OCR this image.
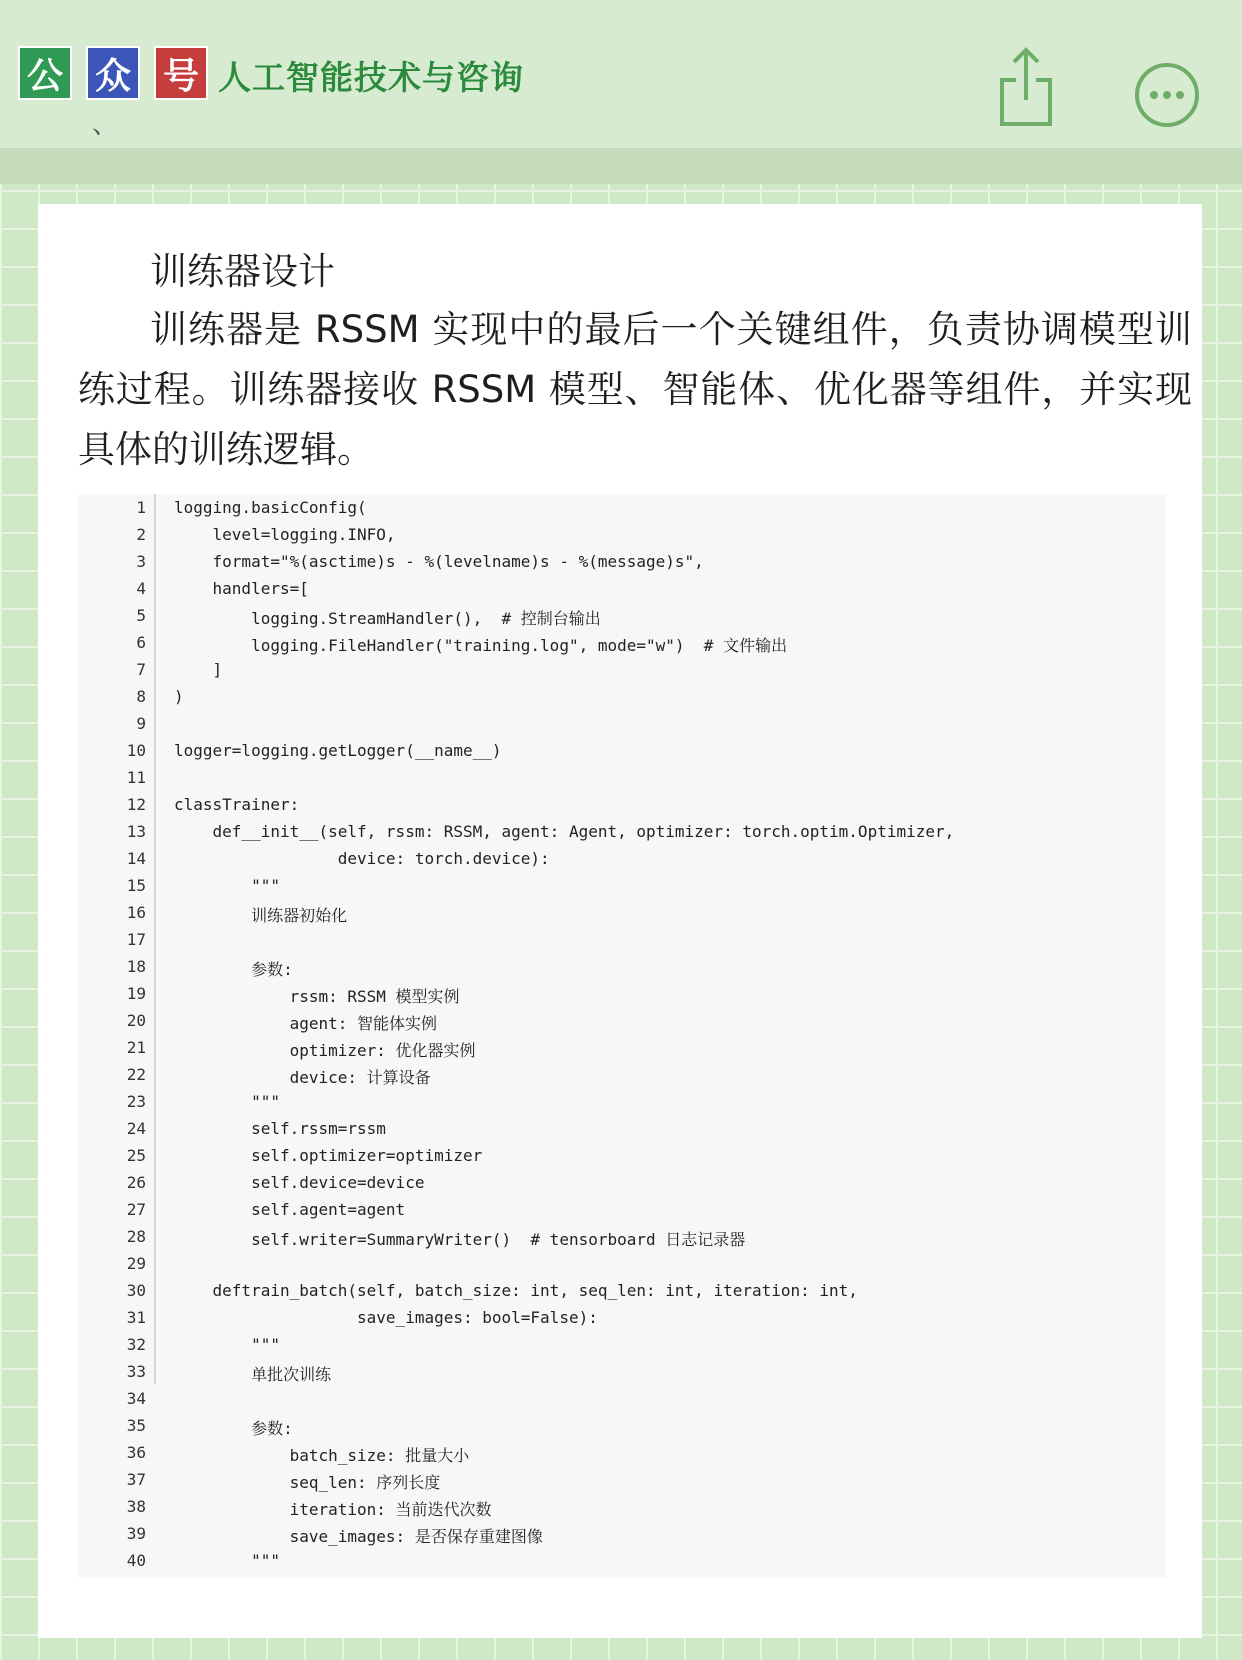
公 众 号 人工智能技术与咨询
、
训练器设计
训练器是 RSSM 实现中的最后一个关键组件，负责协调模型训练过程。训练器接收 RSSM 模型、智能体、优化器等组件，并实现具体的训练逻辑。
1
2
3
4
5
6
7
8
9
10
11
12
13
14
15
16
17
18
19
20
21
22
23
24
25
26
27
28
29
30
31
32
33
34
35
36
37
38
39
40
logging.basicConfig(
level=logging.INFO,
format="%(asctime)s - %(levelname)s - %(message)s",
handlers=[
logging.StreamHandler(),  # 控制台输出
logging.FileHandler("training.log", mode="w")  # 文件输出
]
)
logger=logging.getLogger(__name__)
classTrainer:
def__init__(self, rssm: RSSM, agent: Agent, optimizer: torch.optim.Optimizer,
device: torch.device):
"""
训练器初始化
参数:
rssm: RSSM 模型实例
agent: 智能体实例
optimizer: 优化器实例
device: 计算设备
"""
self.rssm=rssm
self.optimizer=optimizer
self.device=device
self.agent=agent
self.writer=SummaryWriter()  # tensorboard 日志记录器
deftrain_batch(self, batch_size: int, seq_len: int, iteration: int,
save_images: bool=False):
"""
单批次训练
参数:
batch_size: 批量大小
seq_len: 序列长度
iteration: 当前迭代次数
save_images: 是否保存重建图像
"""
